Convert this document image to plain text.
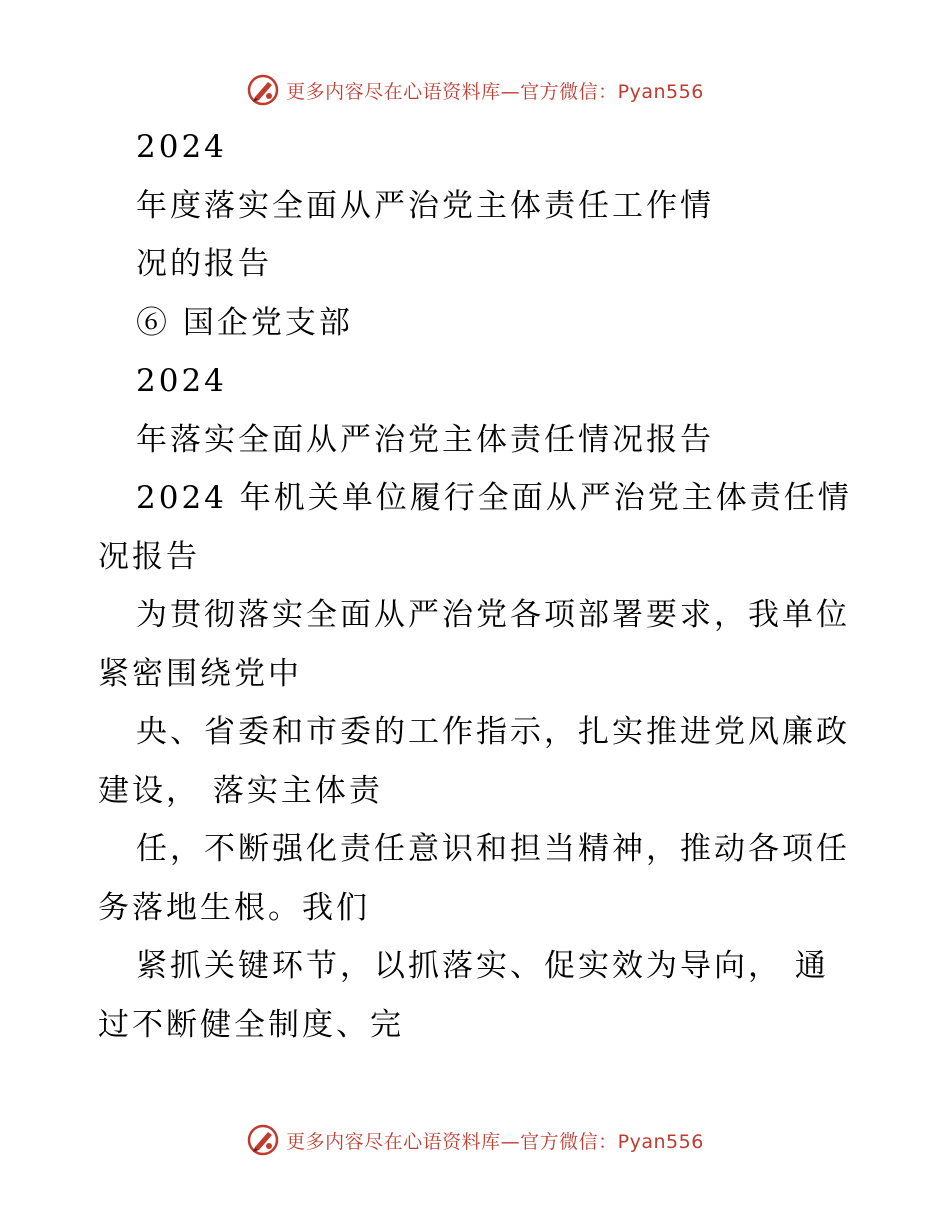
更多内容尽在心语资料库—官方微信：Pyan556
2024
年度落实全面从严治党主体责任工作情
况的报告
⑥ 国企党支部
2024
年落实全面从严治党主体责任情况报告
2024 年机关单位履行全面从严治党主体责任情
况报告
为贯彻落实全面从严治党各项部署要求，我单位
紧密围绕党中
央、省委和市委的工作指示，扎实推进党风廉政
建设， 落实主体责
任，不断强化责任意识和担当精神，推动各项任
务落地生根。我们
紧抓关键环节，以抓落实、促实效为导向， 通
过不断健全制度、完
更多内容尽在心语资料库—官方微信：Pyan556
